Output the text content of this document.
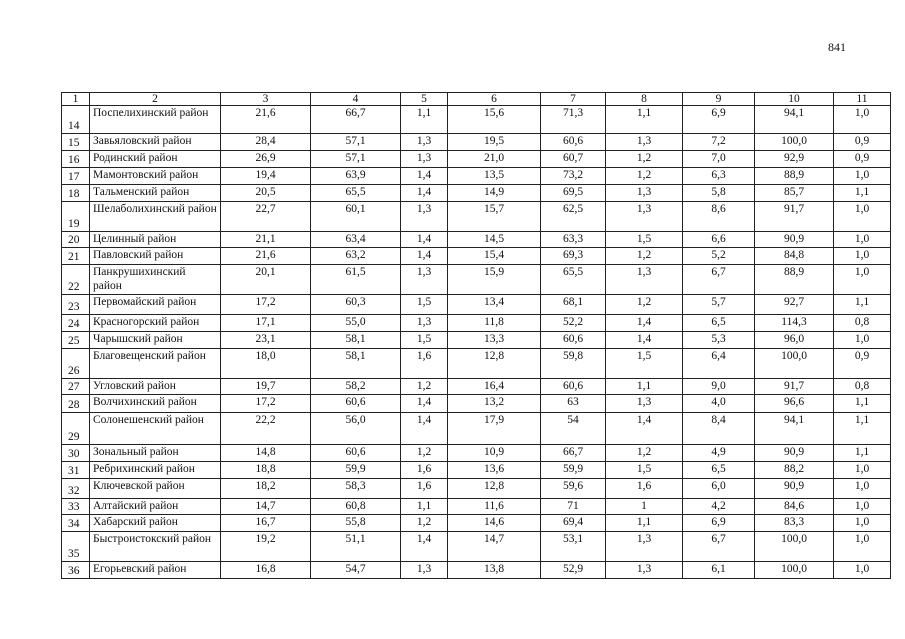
841
1	2	3	4	5	6	7	8	9	10	11
14	Поспелихинский район	21,6	66,7	1,1	15,6	71,3	1,1	6,9	94,1	1,0
15	Завьяловский район	28,4	57,1	1,3	19,5	60,6	1,3	7,2	100,0	0,9
16	Родинский район	26,9	57,1	1,3	21,0	60,7	1,2	7,0	92,9	0,9
17	Мамонтовский район	19,4	63,9	1,4	13,5	73,2	1,2	6,3	88,9	1,0
18	Тальменский район	20,5	65,5	1,4	14,9	69,5	1,3	5,8	85,7	1,1
19	Шелаболихинский район	22,7	60,1	1,3	15,7	62,5	1,3	8,6	91,7	1,0
20	Целинный район	21,1	63,4	1,4	14,5	63,3	1,5	6,6	90,9	1,0
21	Павловский район	21,6	63,2	1,4	15,4	69,3	1,2	5,2	84,8	1,0
22	Панкрушихинский район	20,1	61,5	1,3	15,9	65,5	1,3	6,7	88,9	1,0
23	Первомайский район	17,2	60,3	1,5	13,4	68,1	1,2	5,7	92,7	1,1
24	Красногорский район	17,1	55,0	1,3	11,8	52,2	1,4	6,5	114,3	0,8
25	Чарышский район	23,1	58,1	1,5	13,3	60,6	1,4	5,3	96,0	1,0
26	Благовещенский район	18,0	58,1	1,6	12,8	59,8	1,5	6,4	100,0	0,9
27	Угловский район	19,7	58,2	1,2	16,4	60,6	1,1	9,0	91,7	0,8
28	Волчихинский район	17,2	60,6	1,4	13,2	63	1,3	4,0	96,6	1,1
29	Солонешенский район	22,2	56,0	1,4	17,9	54	1,4	8,4	94,1	1,1
30	Зональный район	14,8	60,6	1,2	10,9	66,7	1,2	4,9	90,9	1,1
31	Ребрихинский район	18,8	59,9	1,6	13,6	59,9	1,5	6,5	88,2	1,0
32	Ключевской район	18,2	58,3	1,6	12,8	59,6	1,6	6,0	90,9	1,0
33	Алтайский район	14,7	60,8	1,1	11,6	71	1	4,2	84,6	1,0
34	Хабарский район	16,7	55,8	1,2	14,6	69,4	1,1	6,9	83,3	1,0
35	Быстроистокский район	19,2	51,1	1,4	14,7	53,1	1,3	6,7	100,0	1,0
36	Егорьевский район	16,8	54,7	1,3	13,8	52,9	1,3	6,1	100,0	1,0
